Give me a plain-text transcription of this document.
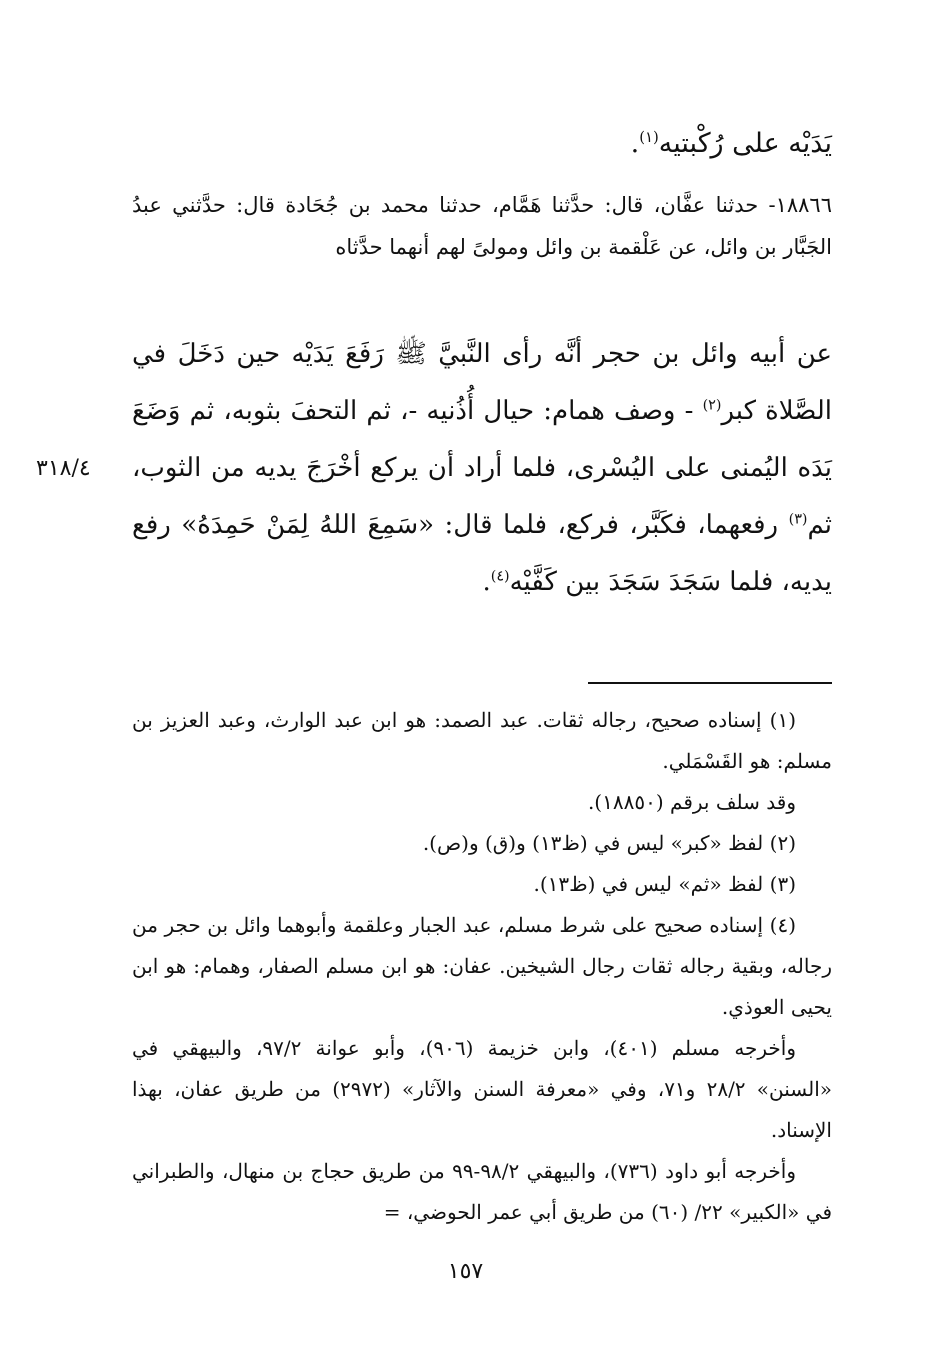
يَدَيْه على رُكْبتيه$^{(١)}$.
١٨٨٦٦- حدثنا عفَّان، قال: حدَّثنا هَمَّام، حدثنا محمد بن جُحَادة قال: حدَّثني عبدُ الجَبَّار بن وائل، عن عَلْقمة بن وائل ومولىً لهم أنهما حدَّثاه
عن أبيه وائل بن حجر أنَّه رأى النَّبيَّ ﷺ رَفَعَ يَدَيْه حين دَخَلَ في الصَّلاة كبر$^{(٢)}$ - وصف همام: حيال أُذُنيه -، ثم التحفَ بثوبه، ثم وَضَعَ يَدَه اليُمنى على اليُسْرى، فلما أراد أن يركع أخْرَجَ يديه من الثوب، ثم$^{(٣)}$ رفعهما، فكَبَّر، فركع، فلما قال: «سَمِعَ اللهُ لِمَنْ حَمِدَهُ» رفع يديه، فلما سَجَدَ سَجَدَ بين كَفَّيْه$^{(٤)}$.
٣١٨/٤

(١) إسناده صحيح، رجاله ثقات. عبد الصمد: هو ابن عبد الوارث، وعبد العزيز بن مسلم: هو القَسْمَلي.

وقد سلف برقم (١٨٨٥٠).

(٢) لفظ «كبر» ليس في (ظ١٣) و(ق) و(ص).

(٣) لفظ «ثم» ليس في (ظ١٣).

(٤) إسناده صحيح على شرط مسلم، عبد الجبار وعلقمة وأبوهما وائل بن حجر من رجاله، وبقية رجاله ثقات رجال الشيخين. عفان: هو ابن مسلم الصفار، وهمام: هو ابن يحيى العوذي.

وأخرجه مسلم (٤٠١)، وابن خزيمة (٩٠٦)، وأبو عوانة ٩٧/٢، والبيهقي في «السنن» ٢٨/٢ و٧١، وفي «معرفة السنن والآثار» (٢٩٧٢) من طريق عفان، بهذا الإسناد.

وأخرجه أبو داود (٧٣٦)، والبيهقي ٩٨/٢-٩٩ من طريق حجاج بن منهال، والطبراني في «الكبير» ٢٢/ (٦٠) من طريق أبي عمر الحوضي، =

١٥٧
